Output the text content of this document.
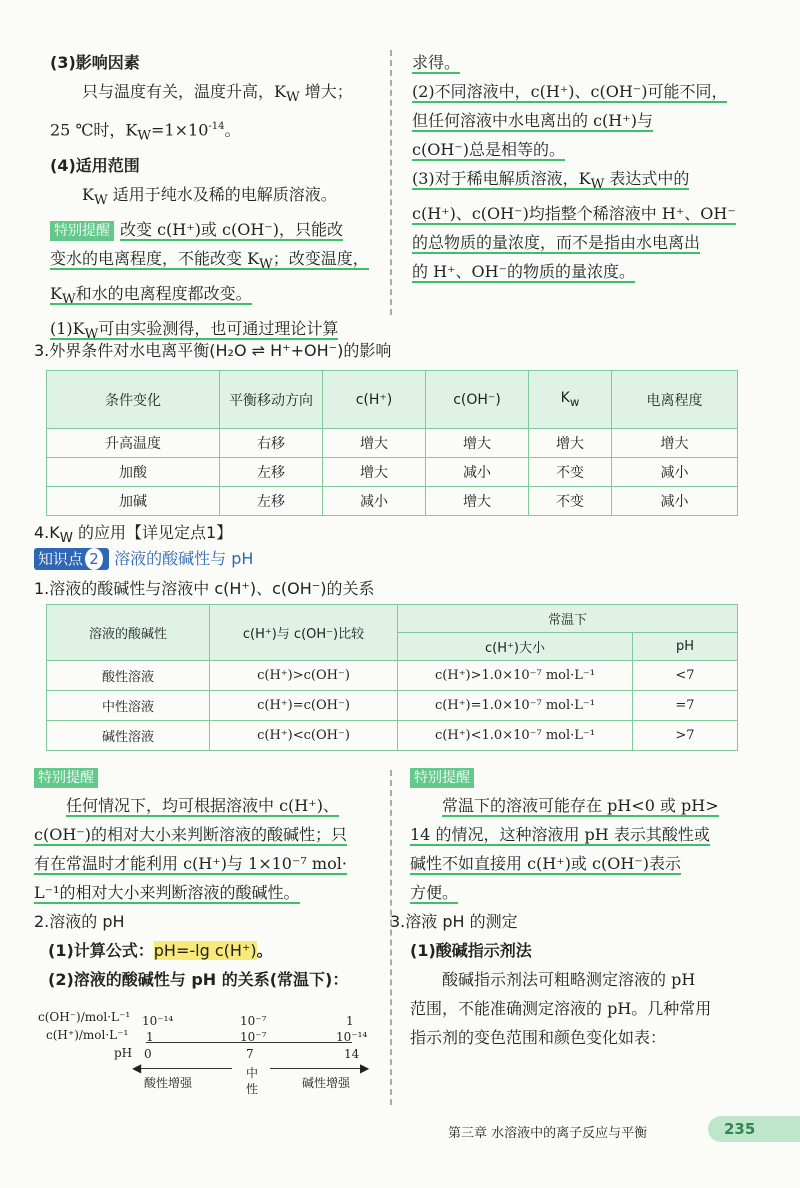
(3)影响因素
只与温度有关，温度升高，$K_W$ 增大；
25 ℃时，$K_W=1\times 10^{-14}$。
(4)适用范围
$K_W$ 适用于纯水及稀的电解质溶液。
特别提醒 改变 c(H⁺)或 c(OH⁻)，只能改
变水的电离程度，不能改变 $K_W$；改变温度，
$K_W$和水的电离程度都改变。
$(1)K_W$可由实验测得，也可通过理论计算
求得。
(2)不同溶液中，c(H⁺)、c(OH⁻)可能不同，
但任何溶液中水电离出的 c(H⁺)与
c(OH⁻)总是相等的。
(3)对于稀电解质溶液，$K_W$ 表达式中的
c(H⁺)、c(OH⁻)均指整个稀溶液中 H⁺、OH⁻
的总物质的量浓度，而不是指由水电离出
的 H⁺、OH⁻的物质的量浓度。
3.外界条件对水电离平衡(H₂O ⇌ H⁺+OH⁻)的影响
条件变化	平衡移动方向	c(H⁺)	c(OH⁻)	$K_w$	电离程度
升高温度	右移	增大	增大	增大	增大
加酸	左移	增大	减小	不变	减小
加碱	左移	减小	增大	不变	减小
$4.K_W$ 的应用【详见定点1】
知识点 2 溶液的酸碱性与 pH
1.溶液的酸碱性与溶液中 c(H⁺)、c(OH⁻)的关系
溶液的酸碱性	c(H⁺)与 c(OH⁻)比较	常温下	
		c(H⁺)大小	pH
酸性溶液	c(H⁺)>c(OH⁻)	c(H⁺)>1.0×10⁻⁷ mol·L⁻¹	<7
中性溶液	c(H⁺)=c(OH⁻)	c(H⁺)=1.0×10⁻⁷ mol·L⁻¹	=7
碱性溶液	c(H⁺)<c(OH⁻)	c(H⁺)<1.0×10⁻⁷ mol·L⁻¹	>7
特别提醒
任何情况下，均可根据溶液中 c(H⁺)、
c(OH⁻)的相对大小来判断溶液的酸碱性；只
有在常温时才能利用 c(H⁺)与 1×10⁻⁷ mol·
L⁻¹的相对大小来判断溶液的酸碱性。
2.溶液的 pH
(1)计算公式：pH=-lg c(H⁺)。
(2)溶液的酸碱性与 pH 的关系(常温下)：
c(OH⁻)/mol·L⁻¹
c(H⁺)/mol·L⁻¹
pH
10⁻¹⁴	10⁻⁷	1
1	10⁻⁷	10⁻¹⁴
0	7	14
◀	▶
酸性增强
中
性	碱性增强
特别提醒
常温下的溶液可能存在 pH<0 或 pH>
14 的情况，这种溶液用 pH 表示其酸性或
碱性不如直接用 c(H⁺)或 c(OH⁻)表示
方便。
3.溶液 pH 的测定
(1)酸碱指示剂法
酸碱指示剂法可粗略测定溶液的 pH
范围，不能准确测定溶液的 pH。几种常用
指示剂的变色范围和颜色变化如表：
第三章 水溶液中的离子反应与平衡	235
